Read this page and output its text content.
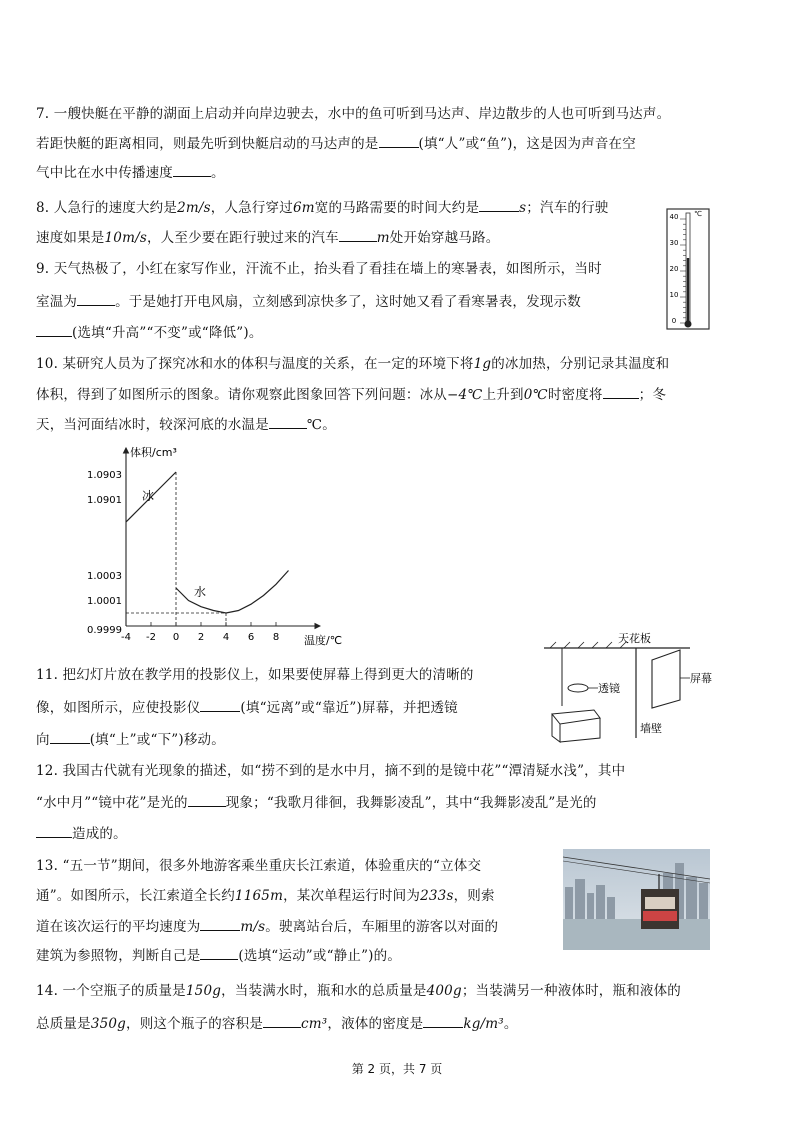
7. 一艘快艇在平静的湖面上启动并向岸边驶去，水中的鱼可听到马达声、岸边散步的人也可听到马达声。
若距快艇的距离相同，则最先听到快艇启动的马达声的是	(填“人”或“鱼”)，这是因为声音在空
气中比在水中传播速度	。
8. 人急行的速度大约是2m/s，人急行穿过6m宽的马路需要的时间大约是	s；汽车的行驶
速度如果是10m/s，人至少要在距行驶过来的汽车	m处开始穿越马路。
9. 天气热极了，小红在家写作业，汗流不止，抬头看了看挂在墙上的寒暑表，如图所示，当时
室温为	。于是她打开电风扇，立刻感到凉快多了，这时她又看了看寒暑表，发现示数
(选填“升高”“不变”或“降低”)。
℃
40
30
20
10
0
10. 某研究人员为了探究冰和水的体积与温度的关系，在一定的环境下将1g的冰加热，分别记录其温度和
体积，得到了如图所示的图象。请你观察此图象回答下列问题：冰从−4℃上升到0℃时密度将	；冬
天，当河面结冰时，较深河底的水温是	℃。
体积/cm³
温度/℃
1.0903
1.0901
1.0003
1.0001
0.9999
-4 -2 0 2 4 6 8
冰
水
11. 把幻灯片放在教学用的投影仪上，如果要使屏幕上得到更大的清晰的
像，如图所示，应使投影仪	(填“远离”或“靠近”)屏幕，并把透镜
向	(填“上”或“下”)移动。
天花板
墙壁
屏幕
透镜
12. 我国古代就有光现象的描述，如“捞不到的是水中月，摘不到的是镜中花”“潭清疑水浅”，其中
“水中月”“镜中花”是光的	现象；“我歌月徘徊，我舞影凌乱”，其中“我舞影凌乱”是光的
造成的。
13. “五一节”期间，很多外地游客乘坐重庆长江索道，体验重庆的“立体交
通”。如图所示，长江索道全长约1165m，某次单程运行时间为233s，则索
道在该次运行的平均速度为	m/s。驶离站台后，车厢里的游客以对面的
建筑为参照物，判断自己是	(选填“运动”或“静止”)的。
14. 一个空瓶子的质量是150g，当装满水时，瓶和水的总质量是400g；当装满另一种液体时，瓶和液体的
总质量是350g，则这个瓶子的容积是	cm³，液体的密度是	kg/m³。
第 2 页，共 7 页
